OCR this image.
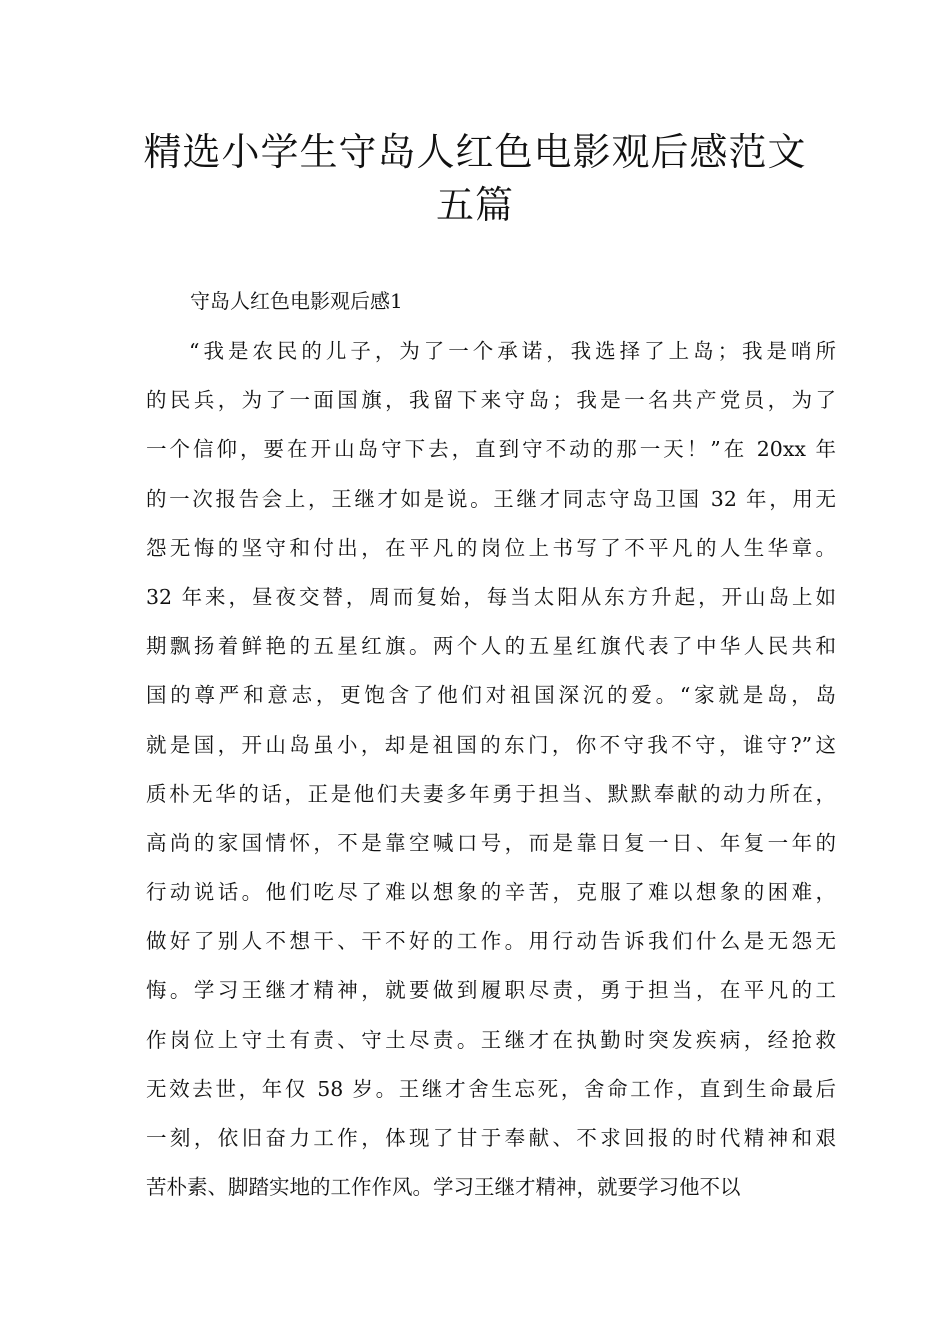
精选小学生守岛人红色电影观后感范文
五篇

守岛人红色电影观后感1

“我是农民的儿子，为了一个承诺，我选择了上岛；我是哨所
的民兵，为了一面国旗，我留下来守岛；我是一名共产党员，为了
一个信仰，要在开山岛守下去，直到守不动的那一天！”在 20xx 年
的一次报告会上，王继才如是说。王继才同志守岛卫国 32 年，用无
怨无悔的坚守和付出，在平凡的岗位上书写了不平凡的人生华章。
32 年来，昼夜交替，周而复始，每当太阳从东方升起，开山岛上如
期飘扬着鲜艳的五星红旗。两个人的五星红旗代表了中华人民共和
国的尊严和意志，更饱含了他们对祖国深沉的爱。“家就是岛，岛
就是国，开山岛虽小，却是祖国的东门，你不守我不守，谁守?”这
质朴无华的话，正是他们夫妻多年勇于担当、默默奉献的动力所在，
高尚的家国情怀，不是靠空喊口号，而是靠日复一日、年复一年的
行动说话。他们吃尽了难以想象的辛苦，克服了难以想象的困难，
做好了别人不想干、干不好的工作。用行动告诉我们什么是无怨无
悔。学习王继才精神，就要做到履职尽责，勇于担当，在平凡的工
作岗位上守土有责、守土尽责。王继才在执勤时突发疾病，经抢救
无效去世，年仅 58 岁。王继才舍生忘死，舍命工作，直到生命最后
一刻，依旧奋力工作，体现了甘于奉献、不求回报的时代精神和艰
苦朴素、脚踏实地的工作作风。学习王继才精神，就要学习他不以
